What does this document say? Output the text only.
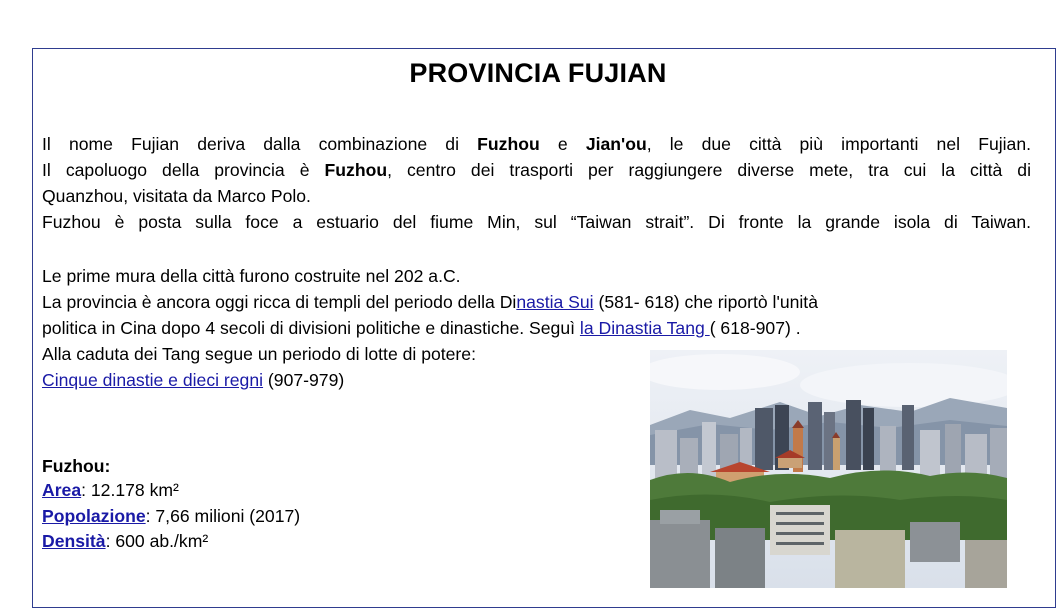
PROVINCIA FUJIAN
Il nome Fujian deriva dalla combinazione di Fuzhou e Jian'ou, le due città più importanti nel Fujian.
Il capoluogo della provincia è Fuzhou, centro dei trasporti per raggiungere diverse mete, tra cui la città di
Quanzhou, visitata da Marco Polo.
Fuzhou è posta sulla foce a estuario del fiume Min, sul “Taiwan strait”. Di fronte la grande isola di Taiwan.
Le prime mura della città furono costruite nel 202 a.C.
La provincia è ancora oggi ricca di templi del periodo della Dinastia Sui (581- 618) che riportò l'unità
politica in Cina dopo 4 secoli di divisioni politiche e dinastiche. Seguì la Dinastia Tang ( 618-907) .
Alla caduta dei Tang segue un periodo di lotte di potere:
Cinque dinastie e dieci regni (907-979)
Fuzhou:
Area: 12.178 km²
Popolazione: 7,66 milioni (2017)
Densità: 600 ab./km²
